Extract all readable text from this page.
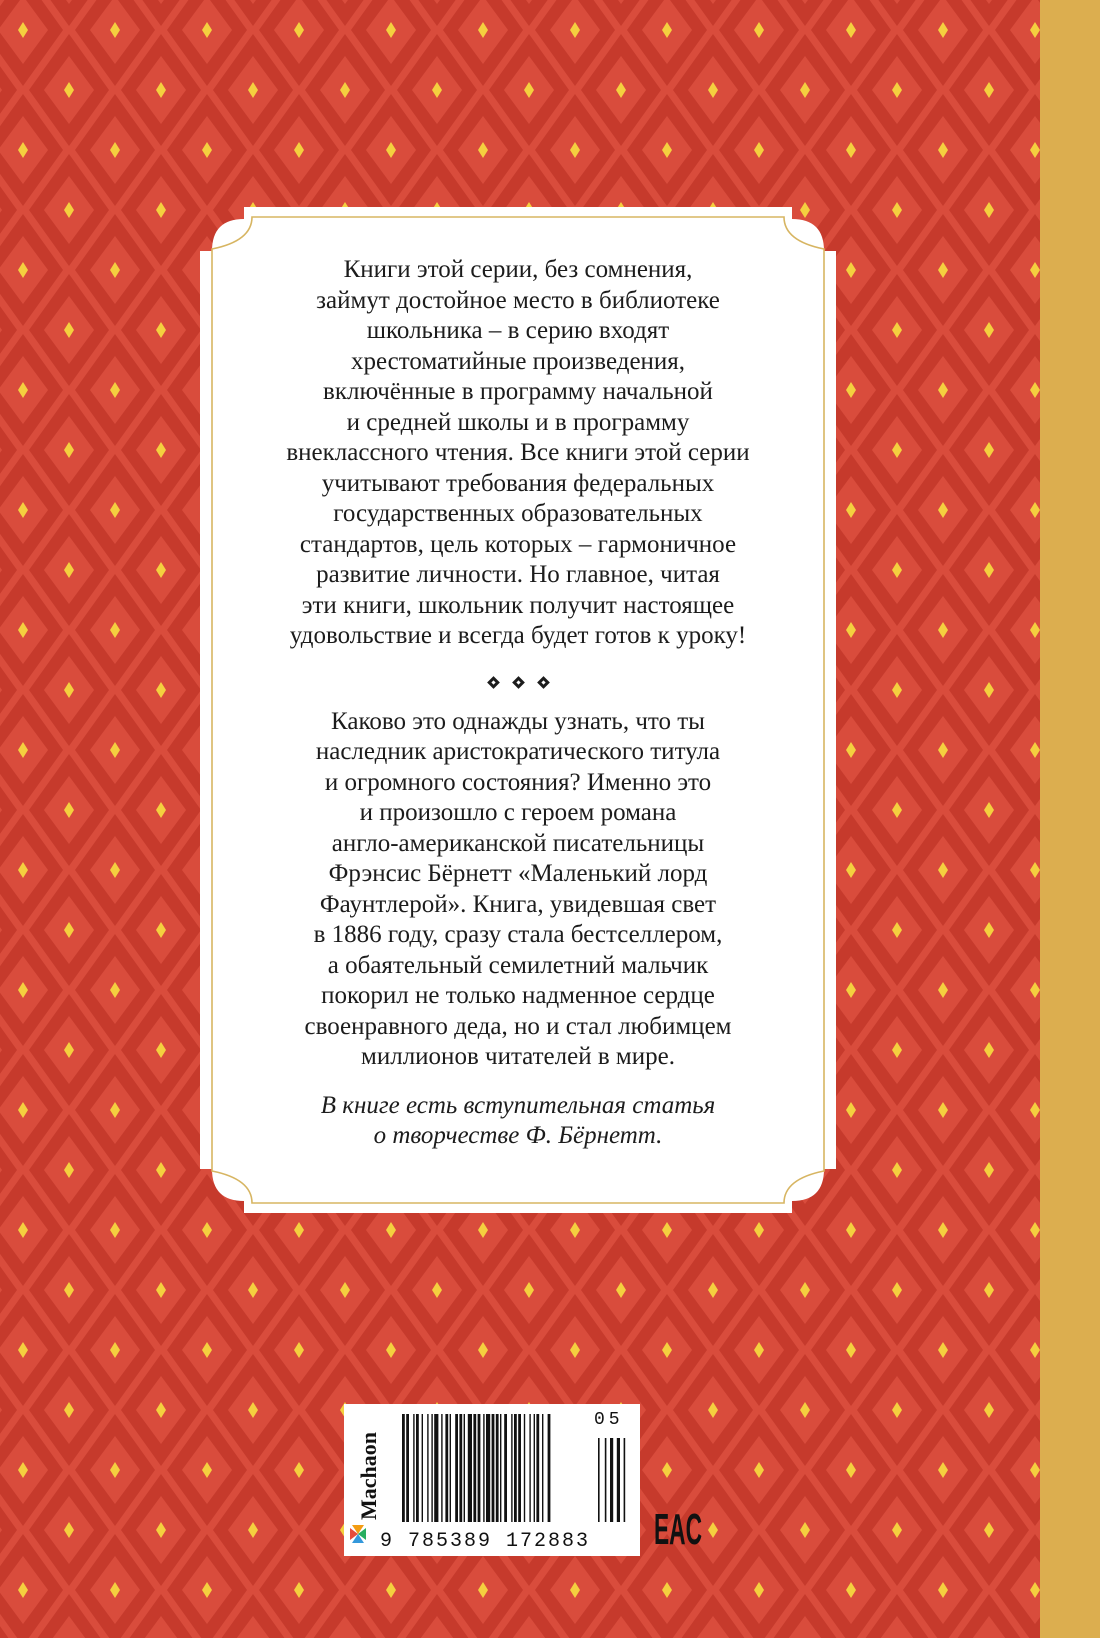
Книги этой серии, без сомнения,
займут достойное место в библиотеке
школьника – в серию входят
хрестоматийные произведения,
включённые в программу начальной
и средней школы и в программу
внеклассного чтения. Все книги этой серии
учитывают требования федеральных
государственных образовательных
стандартов, цель которых – гармоничное
развитие личности. Но главное, читая
эти книги, школьник получит настоящее
удовольствие и всегда будет готов к уроку!

Каково это однажды узнать, что ты
наследник аристократического титула
и огромного состояния? Именно это
и произошло с героем романа
англо-американской писательницы
Фрэнсис Бёрнетт «Маленький лорд
Фаунтлерой». Книга, увидевшая свет
в 1886 году, сразу стала бестселлером,
а обаятельный семилетний мальчик
покорил не только надменное сердце
своенравного деда, но и стал любимцем
миллионов читателей в мире.

В книге есть вступительная статья
о творчестве Ф. Бёрнетт.

Machaon
05
9 785389 172883 EAC
